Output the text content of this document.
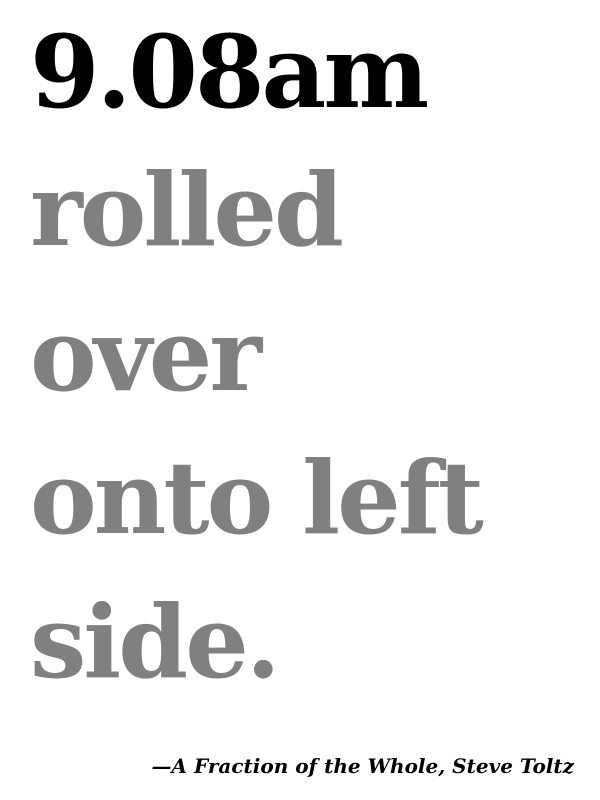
9.08am

rolled

over

onto left

side.

—A Fraction of the Whole, Steve Toltz
